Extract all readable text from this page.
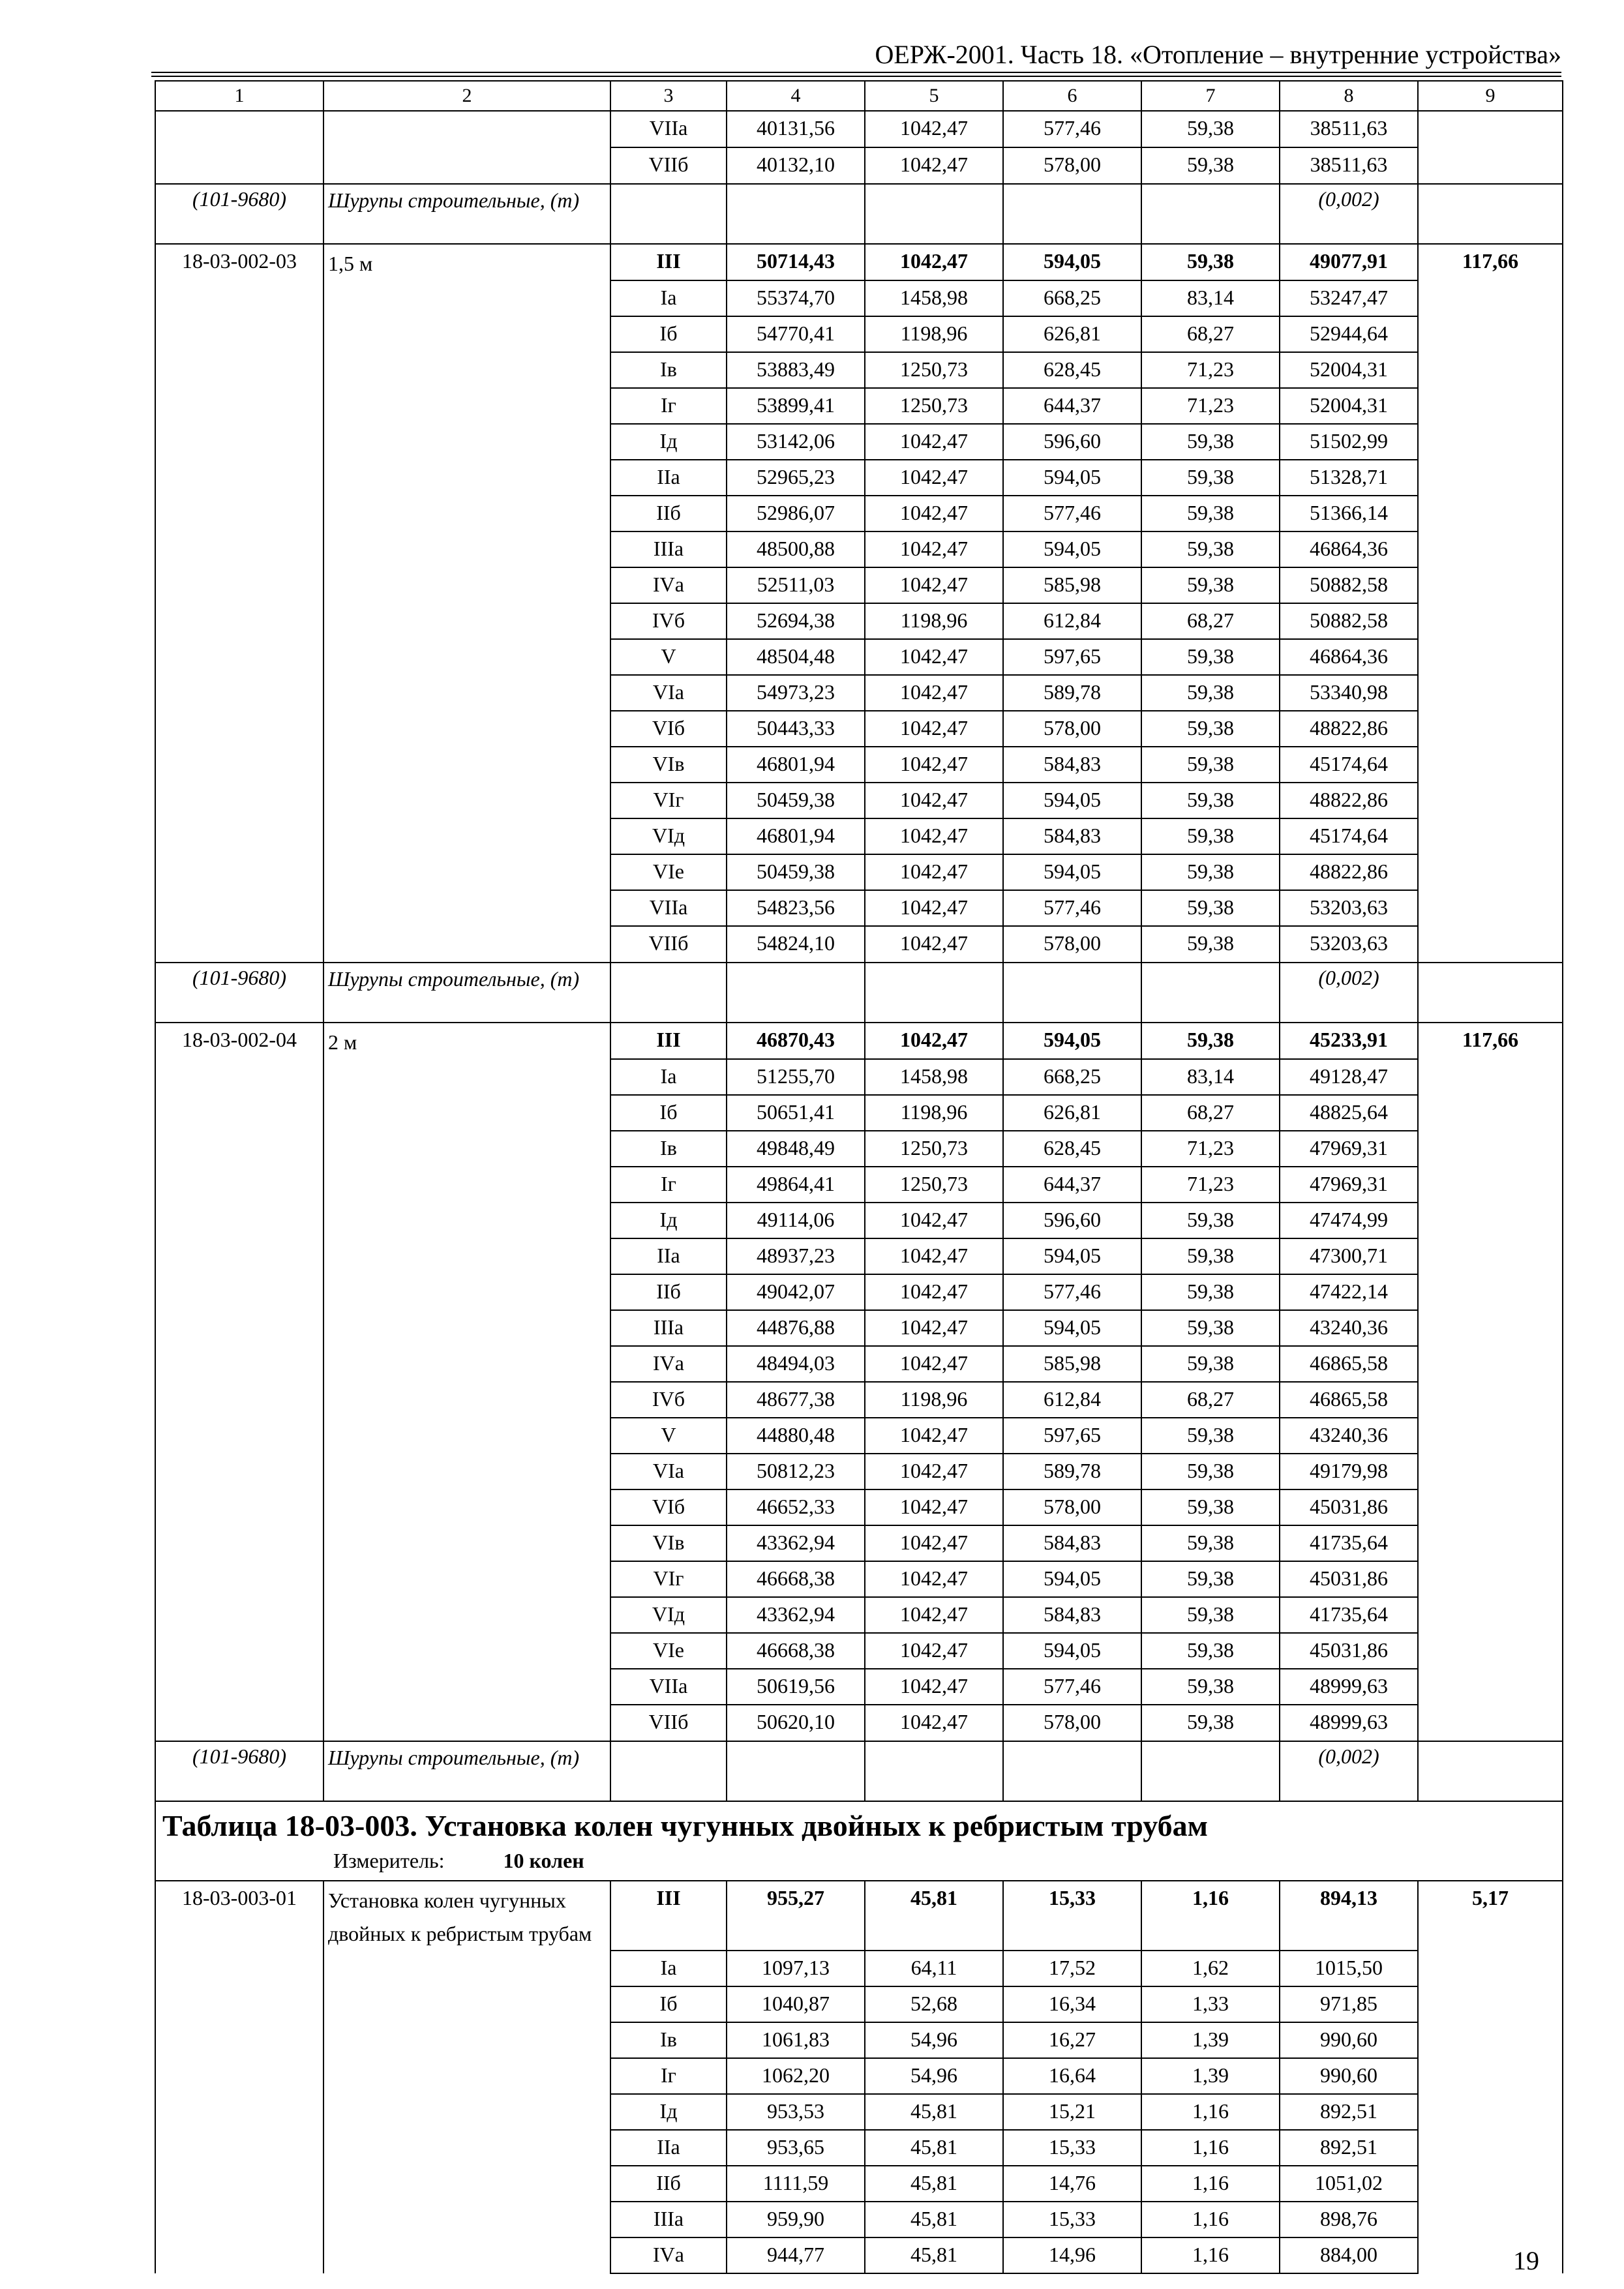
ОЕРЖ-2001. Часть 18. «Отопление – внутренние устройства»
1	2	3	4	5	6	7	8	9
		VIIа	40131,56	1042,47	577,46	59,38	38511,63	
		VIIб	40132,10	1042,47	578,00	59,38	38511,63	
(101-9680)	Шурупы строительные, (т)						(0,002)	
18-03-002-03	1,5 м	III	50714,43	1042,47	594,05	59,38	49077,91	117,66
		Iа	55374,70	1458,98	668,25	83,14	53247,47	
		Iб	54770,41	1198,96	626,81	68,27	52944,64	
		Iв	53883,49	1250,73	628,45	71,23	52004,31	
		Iг	53899,41	1250,73	644,37	71,23	52004,31	
		Iд	53142,06	1042,47	596,60	59,38	51502,99	
		IIа	52965,23	1042,47	594,05	59,38	51328,71	
		IIб	52986,07	1042,47	577,46	59,38	51366,14	
		IIIа	48500,88	1042,47	594,05	59,38	46864,36	
		IVа	52511,03	1042,47	585,98	59,38	50882,58	
		IVб	52694,38	1198,96	612,84	68,27	50882,58	
		V	48504,48	1042,47	597,65	59,38	46864,36	
		VIа	54973,23	1042,47	589,78	59,38	53340,98	
		VIб	50443,33	1042,47	578,00	59,38	48822,86	
		VIв	46801,94	1042,47	584,83	59,38	45174,64	
		VIг	50459,38	1042,47	594,05	59,38	48822,86	
		VIд	46801,94	1042,47	584,83	59,38	45174,64	
		VIе	50459,38	1042,47	594,05	59,38	48822,86	
		VIIа	54823,56	1042,47	577,46	59,38	53203,63	
		VIIб	54824,10	1042,47	578,00	59,38	53203,63	
(101-9680)	Шурупы строительные, (т)						(0,002)	
18-03-002-04	2 м	III	46870,43	1042,47	594,05	59,38	45233,91	117,66
		Iа	51255,70	1458,98	668,25	83,14	49128,47	
		Iб	50651,41	1198,96	626,81	68,27	48825,64	
		Iв	49848,49	1250,73	628,45	71,23	47969,31	
		Iг	49864,41	1250,73	644,37	71,23	47969,31	
		Iд	49114,06	1042,47	596,60	59,38	47474,99	
		IIа	48937,23	1042,47	594,05	59,38	47300,71	
		IIб	49042,07	1042,47	577,46	59,38	47422,14	
		IIIа	44876,88	1042,47	594,05	59,38	43240,36	
		IVа	48494,03	1042,47	585,98	59,38	46865,58	
		IVб	48677,38	1198,96	612,84	68,27	46865,58	
		V	44880,48	1042,47	597,65	59,38	43240,36	
		VIа	50812,23	1042,47	589,78	59,38	49179,98	
		VIб	46652,33	1042,47	578,00	59,38	45031,86	
		VIв	43362,94	1042,47	584,83	59,38	41735,64	
		VIг	46668,38	1042,47	594,05	59,38	45031,86	
		VIд	43362,94	1042,47	584,83	59,38	41735,64	
		VIе	46668,38	1042,47	594,05	59,38	45031,86	
		VIIа	50619,56	1042,47	577,46	59,38	48999,63	
		VIIб	50620,10	1042,47	578,00	59,38	48999,63	
(101-9680)	Шурупы строительные, (т)						(0,002)	

Таблица 18-03-003. Установка колен чугунных двойных к ребристым трубам
Измеритель: 10 колен								

18-03-003-01	Установка колен чугунных двойных к ребристым трубам	III	955,27	45,81	15,33	1,16	894,13	5,17
		Iа	1097,13	64,11	17,52	1,62	1015,50	
		Iб	1040,87	52,68	16,34	1,33	971,85	
		Iв	1061,83	54,96	16,27	1,39	990,60	
		Iг	1062,20	54,96	16,64	1,39	990,60	
		Iд	953,53	45,81	15,21	1,16	892,51	
		IIа	953,65	45,81	15,33	1,16	892,51	
		IIб	1111,59	45,81	14,76	1,16	1051,02	
		IIIа	959,90	45,81	15,33	1,16	898,76	
		IVа	944,77	45,81	14,96	1,16	884,00		19
